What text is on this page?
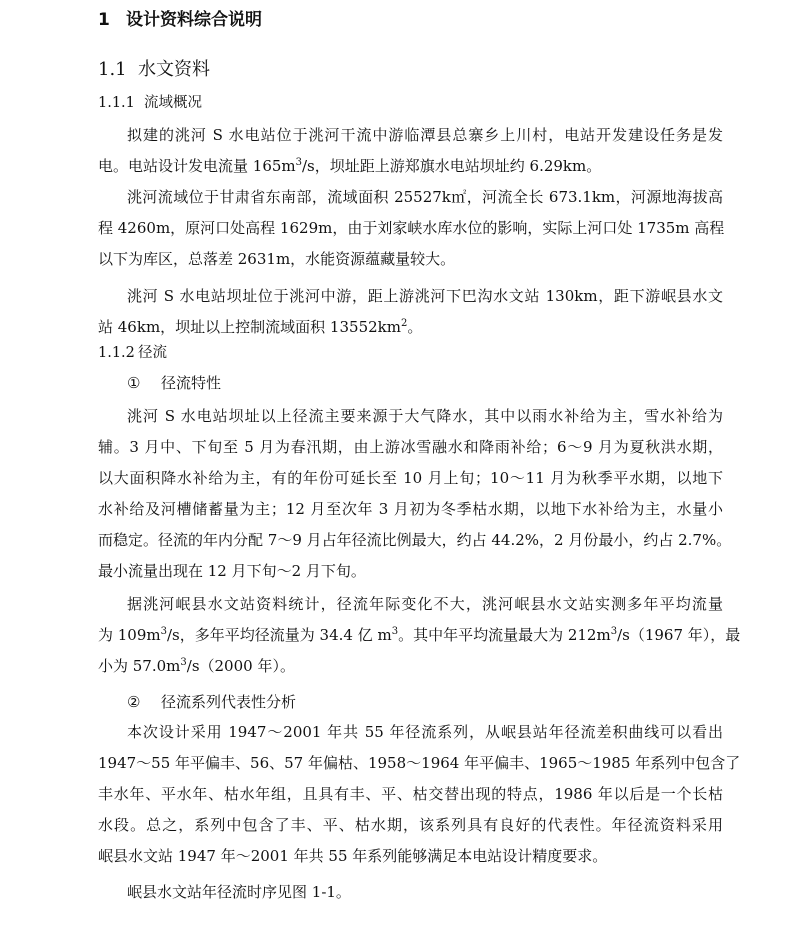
1 设计资料综合说明
1.1 水文资料
1.1.1 流域概况
拟建的洮河 S 水电站位于洮河干流中游临潭县总寨乡上川村，电站开发建设任务是发
电。电站设计发电流量 $165m^3/s$，坝址距上游郑旗水电站坝址约 6.29km。
洮河流域位于甘肃省东南部，流域面积 25527k㎡，河流全长 673.1km，河源地海拔高
程 4260m，原河口处高程 1629m，由于刘家峡水库水位的影响，实际上河口处 1735m 高程
以下为库区，总落差 2631m，水能资源蕴藏量较大。
洮河 S 水电站坝址位于洮河中游，距上游洮河下巴沟水文站 130km，距下游岷县水文
站 46km，坝址以上控制流域面积 $13552km^2$。
1.1.2 径流
① 径流特性
洮河 S 水电站坝址以上径流主要来源于大气降水，其中以雨水补给为主，雪水补给为
辅。3 月中、下旬至 5 月为春汛期，由上游冰雪融水和降雨补给；6～9 月为夏秋洪水期，
以大面积降水补给为主，有的年份可延长至 10 月上旬；10～11 月为秋季平水期，以地下
水补给及河槽储蓄量为主；12 月至次年 3 月初为冬季枯水期，以地下水补给为主，水量小
而稳定。径流的年内分配 7～9 月占年径流比例最大，约占 44.2%，2 月份最小，约占 2.7%。
最小流量出现在 12 月下旬～2 月下旬。
据洮河岷县水文站资料统计，径流年际变化不大，洮河岷县水文站实测多年平均流量
为 $109m^3/s$，多年平均径流量为 34.4 亿 $m^3$。其中年平均流量最大为 $212m^3/s(1967$ 年），最
小为 $57.0m^3/s(2000$ 年）。
② 径流系列代表性分析
本次设计采用 1947～2001 年共 55 年径流系列，从岷县站年径流差积曲线可以看出
1947～55 年平偏丰、56、57 年偏枯、1958～1964 年平偏丰、1965～1985 年系列中包含了
丰水年、平水年、枯水年组，且具有丰、平、枯交替出现的特点，1986 年以后是一个长枯
水段。总之，系列中包含了丰、平、枯水期，该系列具有良好的代表性。年径流资料采用
岷县水文站 1947 年～2001 年共 55 年系列能够满足本电站设计精度要求。
岷县水文站年径流时序见图 1-1。
